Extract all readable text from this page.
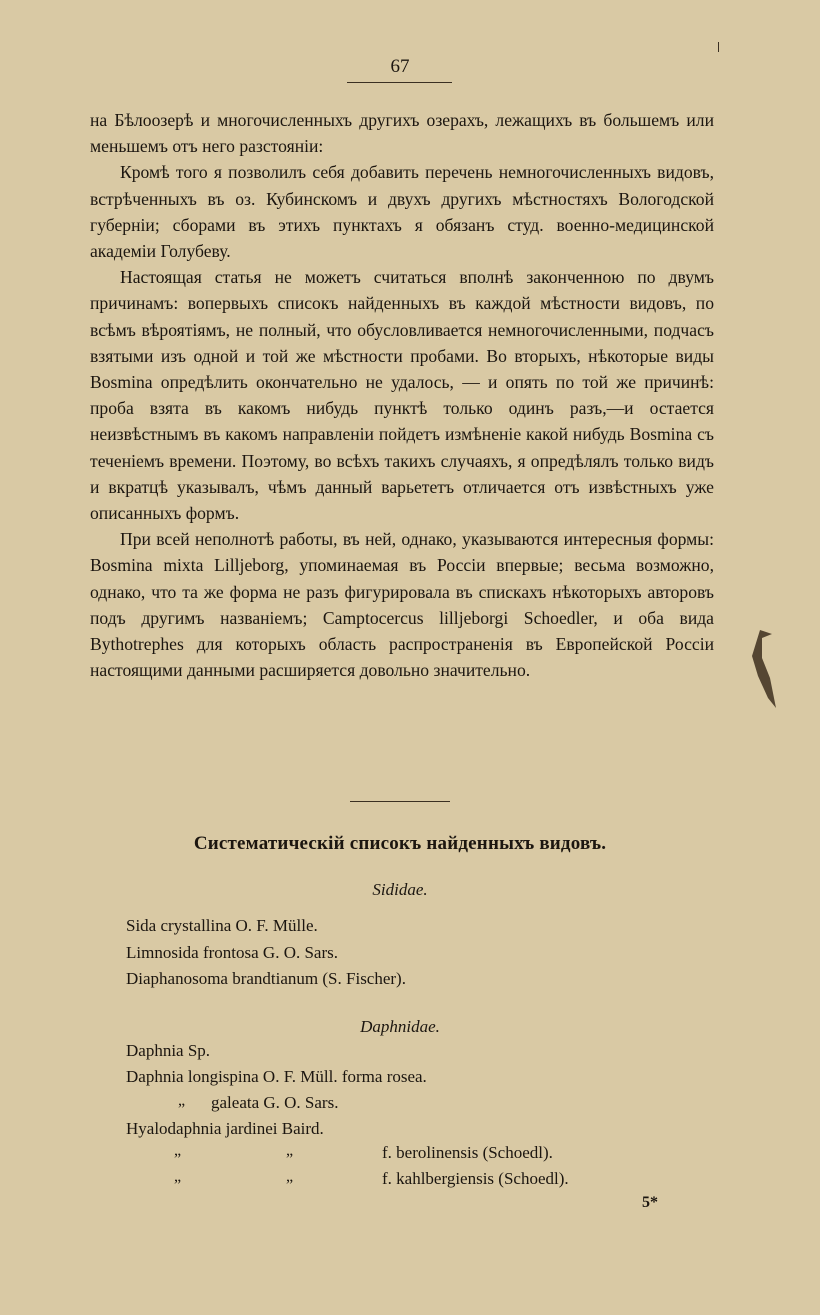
67

на Бѣлоозерѣ и многочисленныхъ другихъ озерахъ, лежащихъ въ большемъ или меньшемъ отъ него разстояніи:

Кромѣ того я позволилъ себя добавить перечень немногочисленныхъ видовъ, встрѣченныхъ въ оз. Кубинскомъ и двухъ другихъ мѣстностяхъ Вологодской губерніи; сборами въ этихъ пунктахъ я обязанъ студ. военно-медицинской академіи Голубеву.

Настоящая статья не можетъ считаться вполнѣ законченною по двумъ причинамъ: вопервыхъ списокъ найденныхъ въ каждой мѣстности видовъ, по всѣмъ вѣроятіямъ, не полный, что обусловливается немногочисленными, подчасъ взятыми изъ одной и той же мѣстности пробами. Во вторыхъ, нѣкоторые виды Bosmina опредѣлить окончательно не удалось, — и опять по той же причинѣ: проба взята въ какомъ нибудь пунктѣ только одинъ разъ,—и остается неизвѣстнымъ въ какомъ направленіи пойдетъ измѣненіе какой нибудь Bosmina съ теченіемъ времени. Поэтому, во всѣхъ такихъ случаяхъ, я опредѣлялъ только видъ и вкратцѣ указывалъ, чѣмъ данный варьететъ отличается отъ извѣстныхъ уже описанныхъ формъ.

При всей неполнотѣ работы, въ ней, однако, указываются интересныя формы: Bosmina mixta Lilljeborg, упоминаемая въ Россіи впервые; весьма возможно, однако, что та же форма не разъ фигурировала въ спискахъ нѣкоторыхъ авторовъ подъ другимъ названіемъ; Camptocercus lilljeborgi Schoedler, и оба вида Bythotrephes для которыхъ область распространенія въ Европейской Россіи настоящими данными расширяется довольно значительно.

Систематическій списокъ найденныхъ видовъ.
Sididae.
Sida crystallina O. F. Mülle.
Limnosida frontosa G. O. Sars.
Diaphanosoma brandtianum (S. Fischer).
Daphnidae.
Daphnia Sp.
Daphnia longispina O. F. Müll. forma rosea.
„ galeata G. O. Sars.
Hyalodaphnia jardinei Baird.
„	„	f. berolinensis (Schoedl).
„	„	f. kahlbergiensis (Schoedl).
5*
